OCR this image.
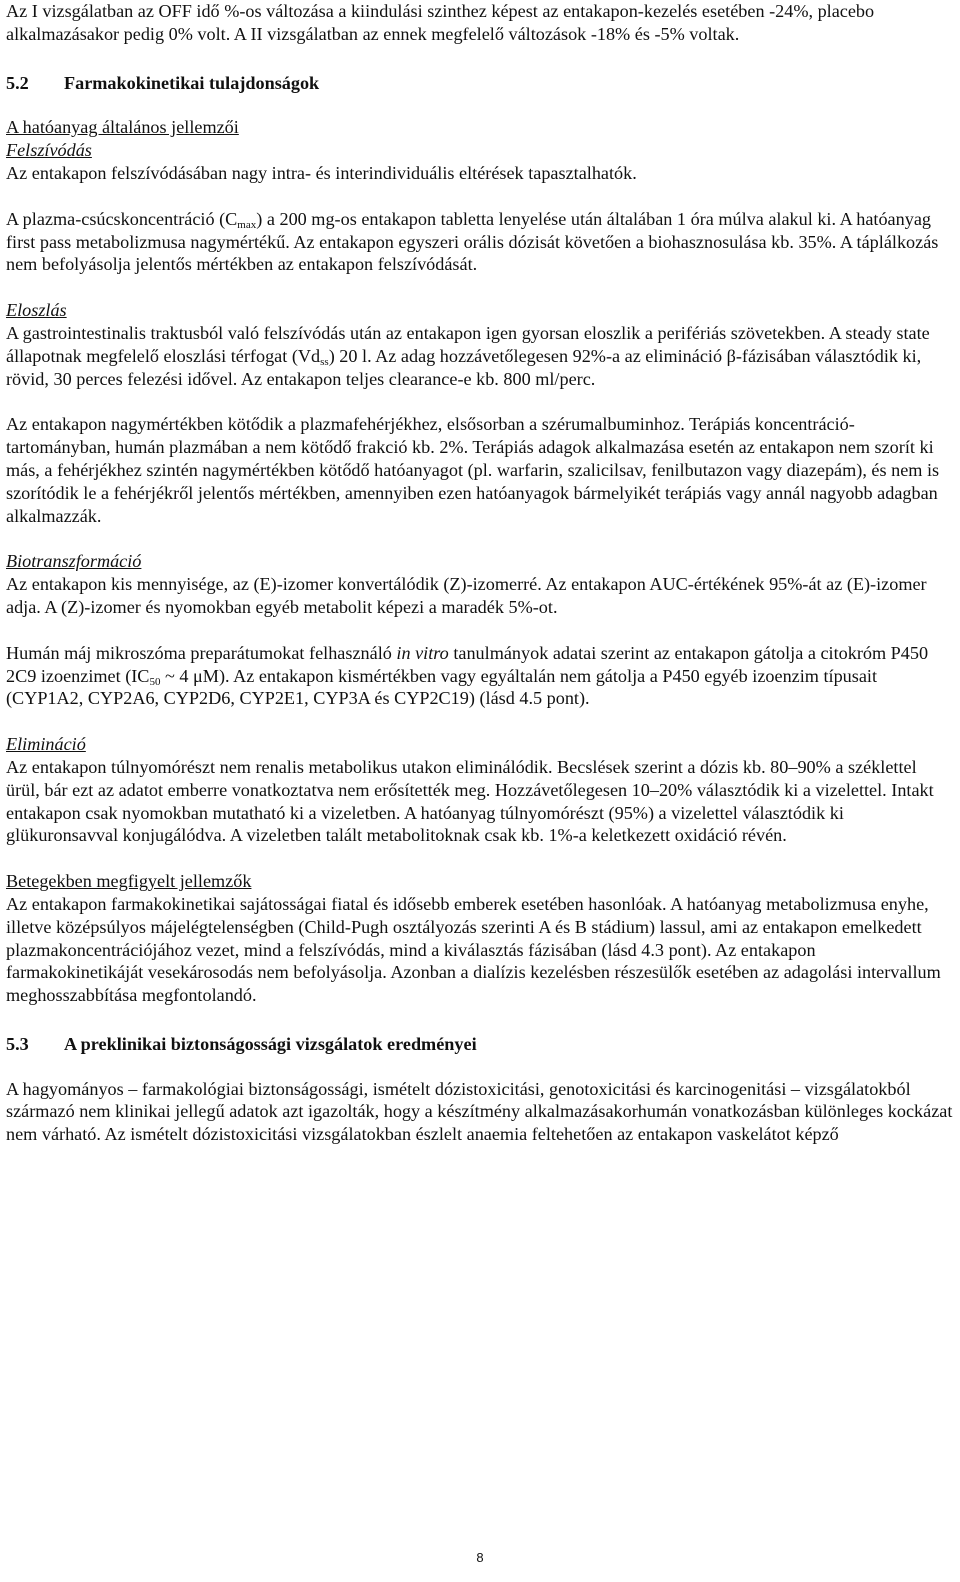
Az I vizsgálatban az OFF idő %-os változása a kiindulási szinthez képest az entakapon-kezelés esetében -24%, placebo alkalmazásakor pedig 0% volt. A II vizsgálatban az ennek megfelelő változások -18% és -5% voltak.

5.2 Farmakokinetikai tulajdonságok

A hatóanyag általános jellemzői

Felszívódás

Az entakapon felszívódásában nagy intra- és interindividuális eltérések tapasztalhatók.

A plazma-csúcskoncentráció $(C_{max})$ a 200 mg-os entakapon tabletta lenyelése után általában 1 óra múlva alakul ki. A hatóanyag first pass metabolizmusa nagymértékű. Az entakapon egyszeri orális dózisát követően a biohasznosulása kb. 35%. A táplálkozás nem befolyásolja jelentős mértékben az entakapon felszívódását.

Eloszlás

A gastrointestinalis traktusból való felszívódás után az entakapon igen gyorsan eloszlik a perifériás szövetekben. A steady state állapotnak megfelelő eloszlási térfogat $(Vd_{ss})$ 20 l. Az adag hozzávetőlegesen 92%-a az elimináció β-fázisában választódik ki, rövid, 30 perces felezési idővel. Az entakapon teljes clearance-e kb. 800 ml/perc.

Az entakapon nagymértékben kötődik a plazmafehérjékhez, elsősorban a szérumalbuminhoz. Terápiás koncentráció-tartományban, humán plazmában a nem kötődő frakció kb. 2%. Terápiás adagok alkalmazása esetén az entakapon nem szorít ki más, a fehérjékhez szintén nagymértékben kötődő hatóanyagot (pl. warfarin, szalicilsav, fenilbutazon vagy diazepám), és nem is szorítódik le a fehérjékről jelentős mértékben, amennyiben ezen hatóanyagok bármelyikét terápiás vagy annál nagyobb adagban alkalmazzák.

Biotranszformáció

Az entakapon kis mennyisége, az (E)-izomer konvertálódik (Z)-izomerré. Az entakapon AUC-értékének 95%-át az (E)-izomer adja. A (Z)-izomer és nyomokban egyéb metabolit képezi a maradék 5%-ot.

Humán máj mikroszóma preparátumokat felhasználó in vitro tanulmányok adatai szerint az entakapon gátolja a citokróm P450 2C9 izoenzimet ($IC_{50}$ ~ 4 μM). Az entakapon kismértékben vagy egyáltalán nem gátolja a P450 egyéb izoenzim típusait (CYP1A2, CYP2A6, CYP2D6, CYP2E1, CYP3A és CYP2C19) (lásd 4.5 pont).

Elimináció

Az entakapon túlnyomórészt nem renalis metabolikus utakon eliminálódik. Becslések szerint a dózis kb. 80–90% a széklettel ürül, bár ezt az adatot emberre vonatkoztatva nem erősítették meg. Hozzávetőlegesen 10–20% választódik ki a vizelettel. Intakt entakapon csak nyomokban mutatható ki a vizeletben. A hatóanyag túlnyomórészt (95%) a vizelettel választódik ki glükuronsavval konjugálódva. A vizeletben talált metabolitoknak csak kb. 1%-a keletkezett oxidáció révén.

Betegekben megfigyelt jellemzők

Az entakapon farmakokinetikai sajátosságai fiatal és idősebb emberek esetében hasonlóak. A hatóanyag metabolizmusa enyhe, illetve középsúlyos májelégtelenségben (Child-Pugh osztályozás szerinti A és B stádium) lassul, ami az entakapon emelkedett plazmakoncentrációjához vezet, mind a felszívódás, mind a kiválasztás fázisában (lásd 4.3 pont). Az entakapon farmakokinetikáját vesekárosodás nem befolyásolja. Azonban a dialízis kezelésben részesülők esetében az adagolási intervallum meghosszabbítása megfontolandó.

5.3 A preklinikai biztonságossági vizsgálatok eredményei

A hagyományos – farmakológiai biztonságossági, ismételt dózistoxicitási, genotoxicitási és karcinogenitási – vizsgálatokból származó nem klinikai jellegű adatok azt igazolták, hogy a készítmény alkalmazásakorhumán vonatkozásban különleges kockázat nem várható. Az ismételt dózistoxicitási vizsgálatokban észlelt anaemia feltehetően az entakapon vaskelátot képző

8
